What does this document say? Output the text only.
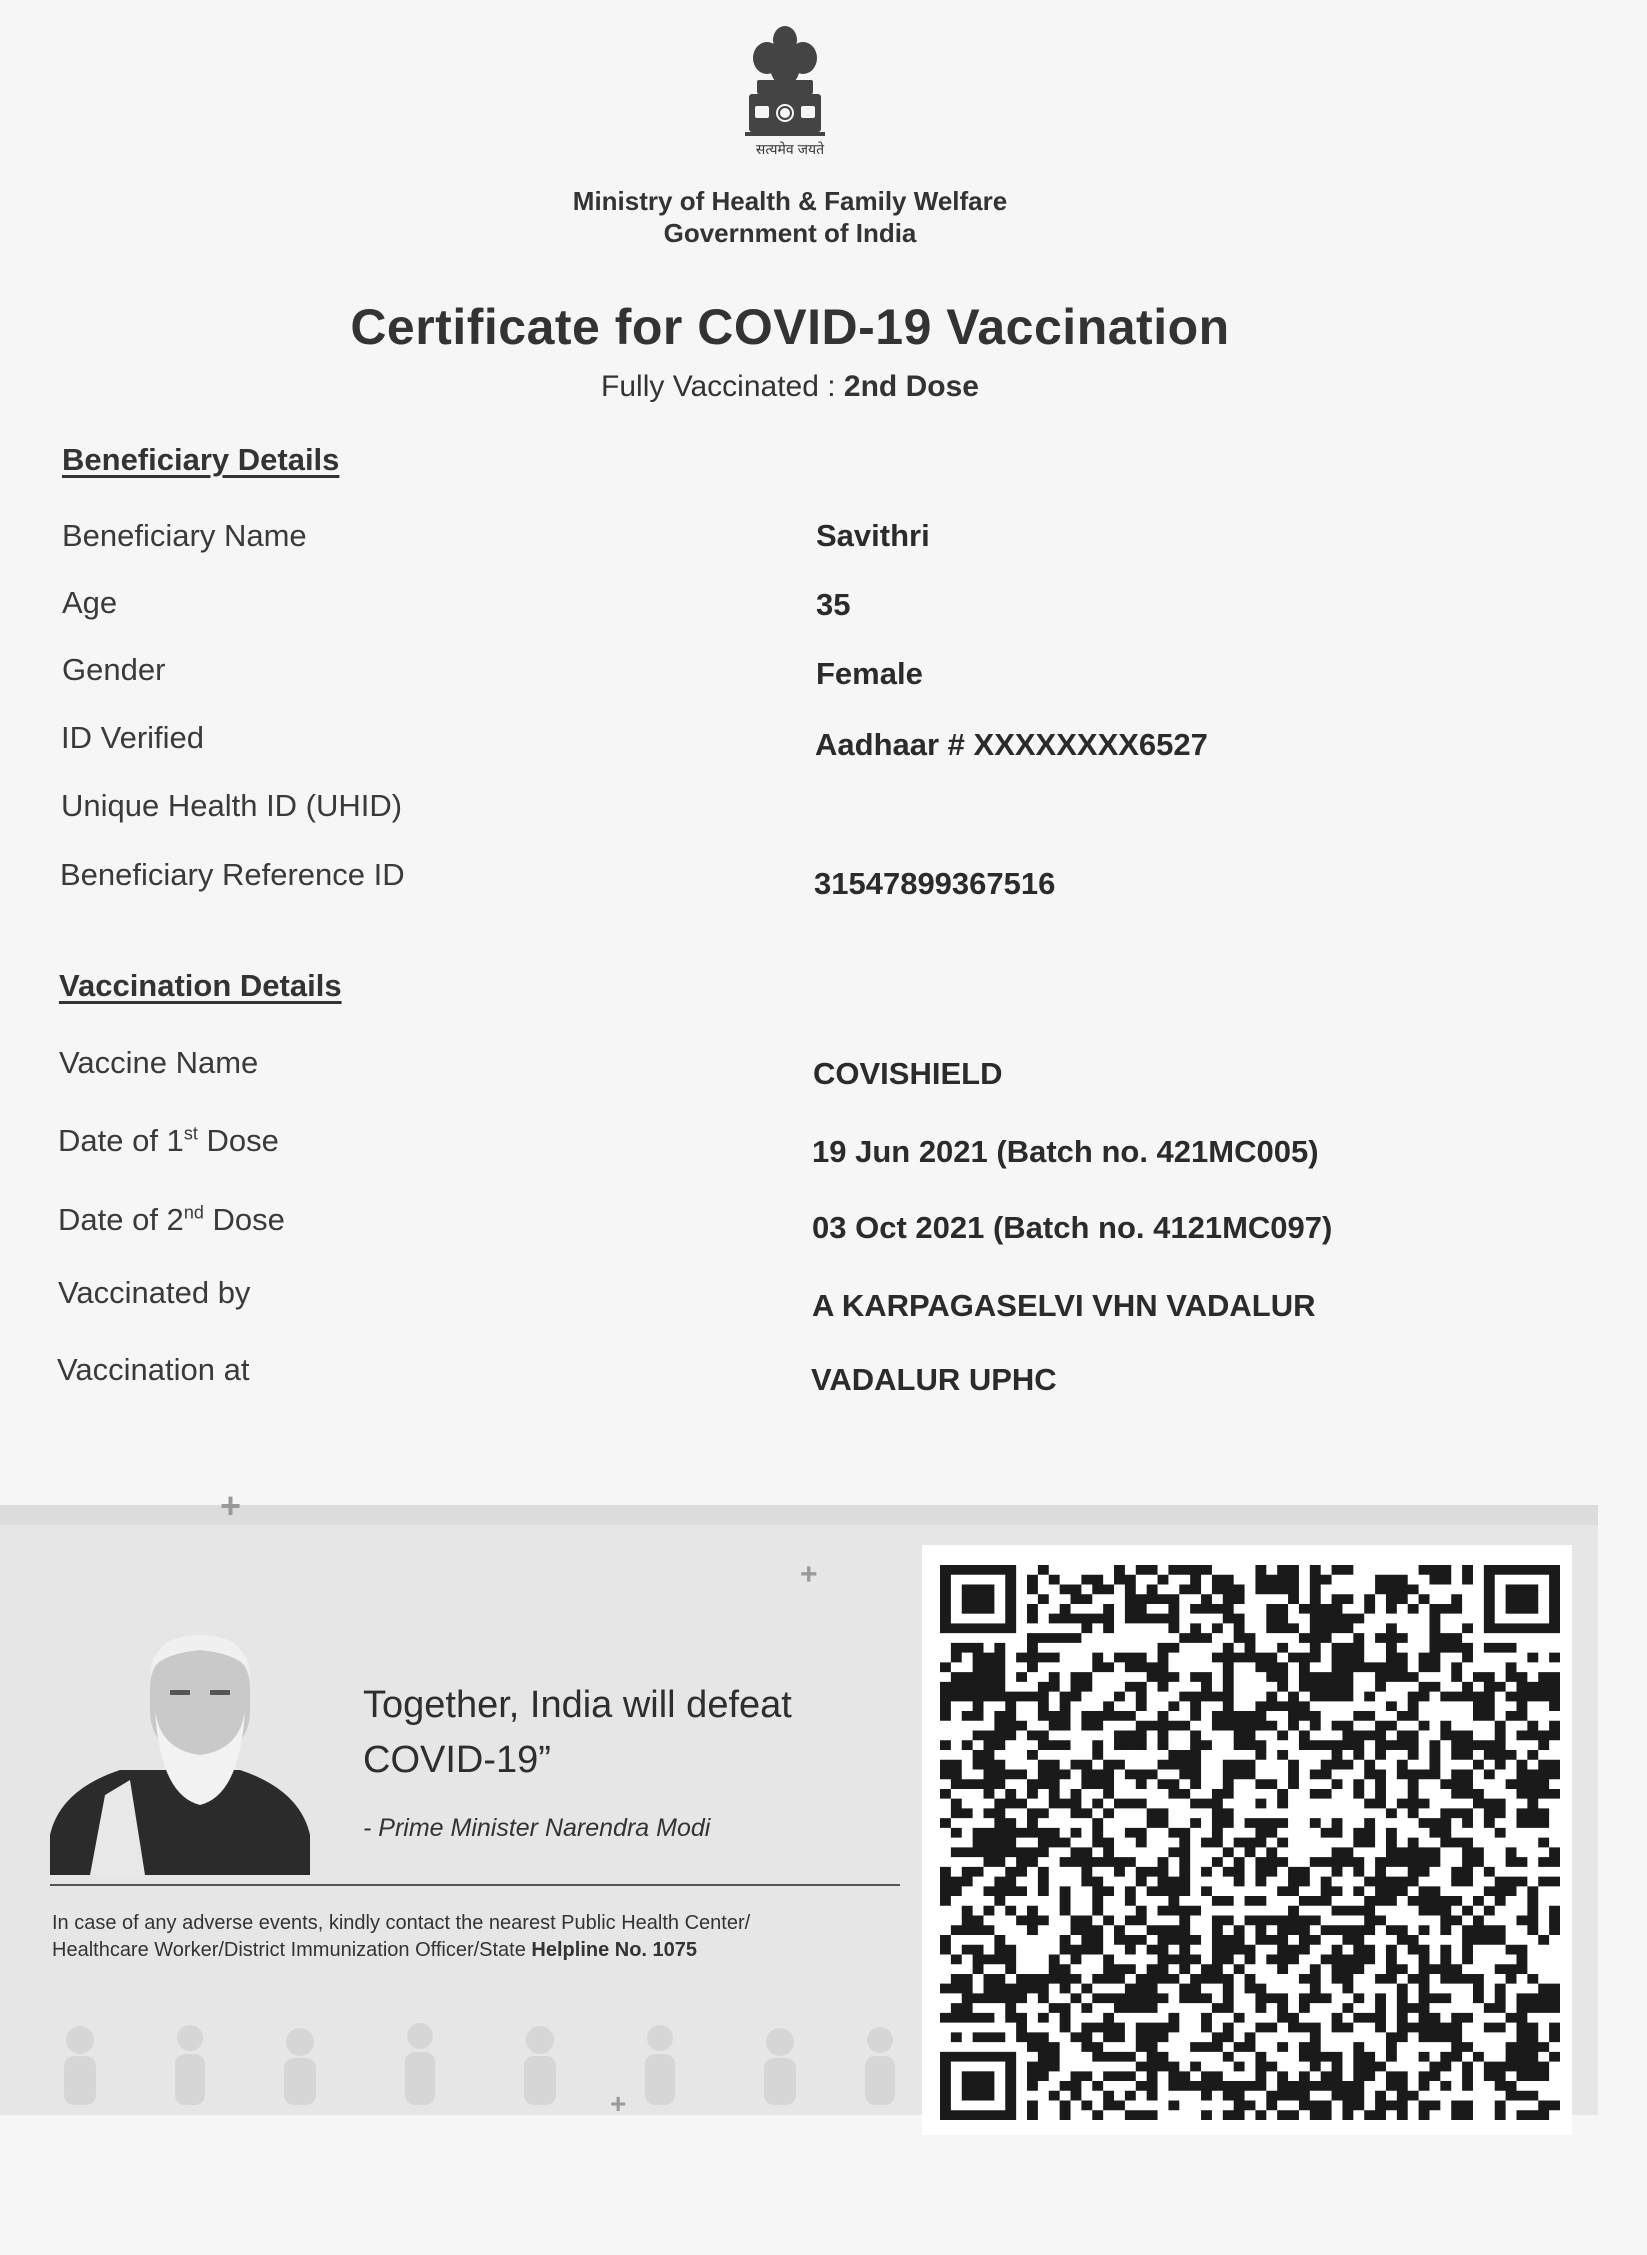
सत्यमेव जयते
Ministry of Health & Family Welfare
Government of India
Certificate for COVID-19 Vaccination
Fully Vaccinated : 2nd Dose
Beneficiary Details
Beneficiary Name	Savithri
Age	35
Gender	Female
ID Verified	Aadhaar # XXXXXXXX6527
Unique Health ID (UHID)
Beneficiary Reference ID	31547899367516
Vaccination Details
Vaccine Name	COVISHIELD
Date of 1st Dose	19 Jun 2021 (Batch no. 421MC005)
Date of 2nd Dose	03 Oct 2021 (Batch no. 4121MC097)
Vaccinated by	A KARPAGASELVI VHN VADALUR
Vaccination at	VADALUR UPHC
+
+
+
Together, India will defeat
COVID-19”
- Prime Minister Narendra Modi
In case of any adverse events, kindly contact the nearest Public Health Center/
Healthcare Worker/District Immunization Officer/State Helpline No. 1075
